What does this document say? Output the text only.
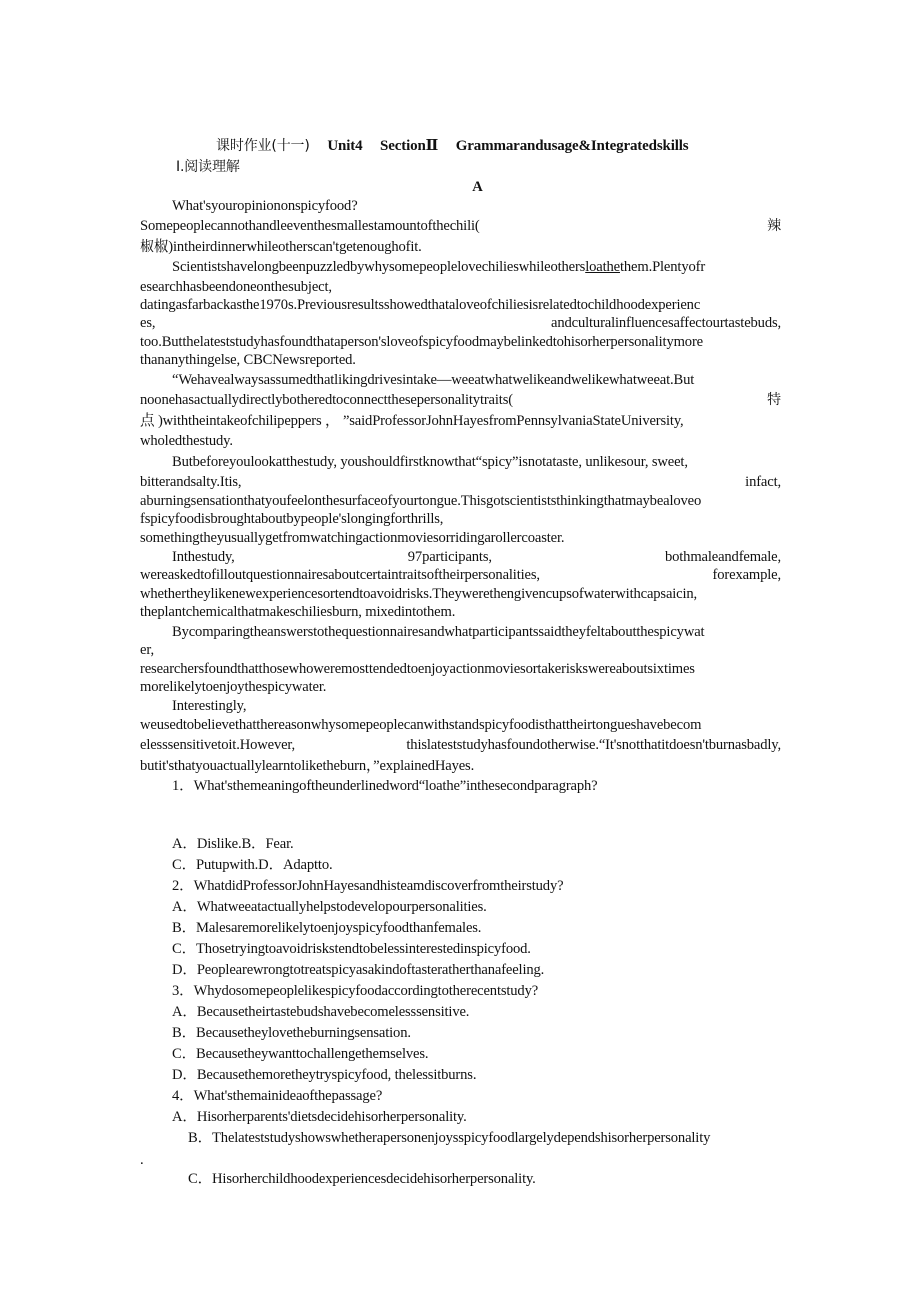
课时作业(十一) Unit4 SectionⅡ Grammarandusage&Integratedskills
Ⅰ.阅读理解
A
What'syouropiniononspicyfood?
Somepeoplecannothandleeventhesmallestamountofthechili(	辣
椒椒)intheirdinnerwhileotherscan'tgetenoughofit.
Scientistshavelongbeenpuzzledbywhysomepeoplelovechilieswhileothersloathethem.Plentyofr
esearchhasbeendoneonthesubject,
datingasfarbackasthe1970s.Previousresultsshowedthataloveofchiliesisrelatedtochildhoodexperienc
es,	andculturalinfluencesaffectourtastebuds,
too.Butthelateststudyhasfoundthataperson'sloveofspicyfoodmaybelinkedtohisorherpersonalitymore
thananythingelse, CBCNewsreported.
“Wehavealwaysassumedthatlikingdrivesintake—weeatwhatwelikeandwelikewhatweeat.But
noonehasactuallydirectlybotheredtoconnectthesepersonalitytraits(	特
点 )withtheintakeofchilipeppers ， ”saidProfessorJohnHayesfromPennsylvaniaStateUniversity,
wholedthestudy.
Butbeforeyoulookatthestudy, youshouldfirstknowthat“spicy”isnotataste, unlikesour, sweet,
bitterandsalty.Itis,	infact,
aburningsensationthatyoufeelonthesurfaceofyourtongue.Thisgotscientiststhinkingthatmaybealoveo
fspicyfoodisbroughtaboutbypeople'slongingforthrills,
somethingtheyusuallygetfromwatchingactionmoviesorridingarollercoaster.
Inthestudy,	97participants,	bothmaleandfemale,
wereaskedtofilloutquestionnairesaboutcertaintraitsoftheirpersonalities,	forexample,
whethertheylikenewexperiencesortendtoavoidrisks.Theywerethengivencupsofwaterwithcapsaicin,
theplantchemicalthatmakeschiliesburn, mixedintothem.
Bycomparingtheanswerstothequestionnairesandwhatparticipantssaidtheyfeltaboutthespicywat
er,
researchersfoundthatthosewhoweremosttendedtoenjoyactionmoviesortakeriskswereaboutsixtimes
morelikelytoenjoythespicywater.
Interestingly,
weusedtobelievethatthereasonwhysomepeoplecanwithstandspicyfoodisthattheirtongueshavebecom
elesssensitivetoit.However,	thislateststudyhasfoundotherwise.“It'snotthatitdoesn'tburnasbadly,
butit'sthatyouactuallylearntoliketheburn，”explainedHayes.
1．What'sthemeaningoftheunderlinedword“loathe”inthesecondparagraph?
A．Dislike.B．Fear.
C．Putupwith.D．Adaptto.
2．WhatdidProfessorJohnHayesandhisteamdiscoverfromtheirstudy?
A．Whatweeatactuallyhelpstodevelopourpersonalities.
B．Malesaremorelikelytoenjoyspicyfoodthanfemales.
C．Thosetryingtoavoidriskstendtobelessinterestedinspicyfood.
D．Peoplearewrongtotreatspicyasakindoftasteratherthanafeeling.
3．Whydosomepeoplelikespicyfoodaccordingtotherecentstudy?
A．Becausetheirtastebudshavebecomelesssensitive.
B．Becausetheylovetheburningsensation.
C．Becausetheywanttochallengethemselves.
D．Becausethemoretheytryspicyfood, thelessitburns.
4．What'sthemainideaofthepassage?
A．Hisorherparents'dietsdecidehisorherpersonality.
B．Thelateststudyshowswhetherapersonenjoysspicyfoodlargelydependshisorherpersonality
.
C．Hisorherchildhoodexperiencesdecidehisorherpersonality.
